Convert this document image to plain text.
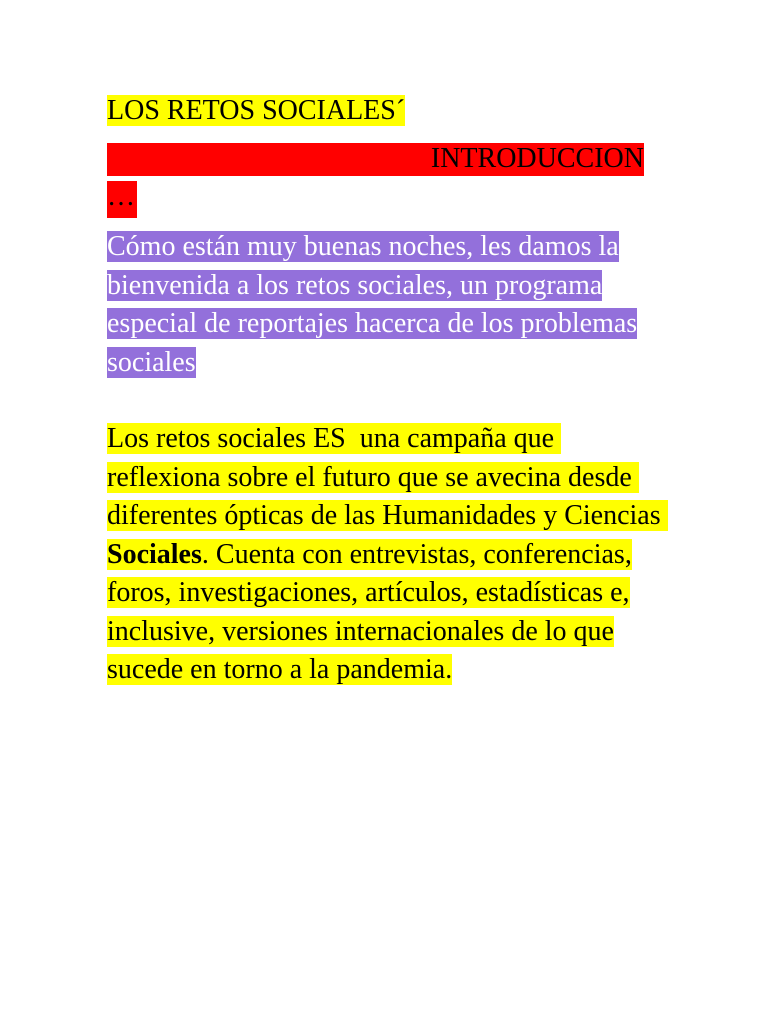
LOS RETOS SOCIALES´
INTRODUCCION
…
Cómo están muy buenas noches, les damos la bienvenida a los retos sociales, un programa especial de reportajes hacerca de los problemas sociales
Los retos sociales ES  una campaña que reflexiona sobre el futuro que se avecina desde diferentes ópticas de las Humanidades y Ciencias Sociales. Cuenta con entrevistas, conferencias, foros, investigaciones, artículos, estadísticas e, inclusive, versiones internacionales de lo que sucede en torno a la pandemia.
